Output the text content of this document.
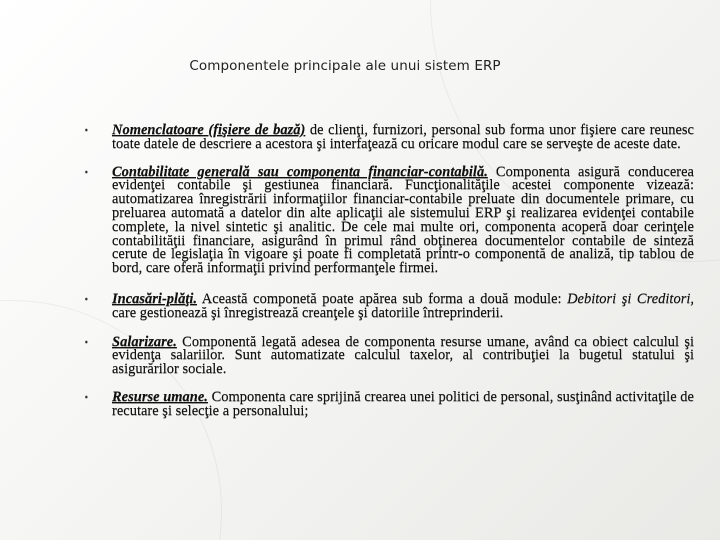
Componentele principale ale unui sistem ERP
• Nomenclatoare (fişiere de bază) de clienţi, furnizori, personal sub forma unor fişiere care reunesc toate datele de descriere a acestora şi interfaţează cu oricare modul care se serveşte de aceste date.
• Contabilitate generală sau componenta financiar-contabilă. Componenta asigură conducerea evidenţei contabile şi gestiunea financiară. Funcţionalităţile acestei componente vizează: automatizarea înregistrării informaţiilor financiar-contabile preluate din documentele primare, cu preluarea automată a datelor din alte aplicaţii ale sistemului ERP şi realizarea evidenţei contabile complete, la nivel sintetic şi analitic. De cele mai multe ori, componenta acoperă doar cerinţele contabilităţii financiare, asigurând în primul rând obţinerea documentelor contabile de sinteză cerute de legislaţia în vigoare şi poate fi completată printr-o componentă de analiză, tip tablou de bord, care oferă informaţii privind performanţele firmei.
• Incasări-plăţi. Această componetă poate apărea sub forma a două module: Debitori şi Creditori, care gestionează şi înregistrează creanţele şi datoriile întreprinderii.
• Salarizare. Componentă legată adesea de componenta resurse umane, având ca obiect calculul şi evidenţa salariilor. Sunt automatizate calculul taxelor, al contribuţiei la bugetul statului şi asigurărilor sociale.
• Resurse umane. Componenta care sprijină crearea unei politici de personal, susţinând activitaţile de recutare şi selecţie a personalului;
